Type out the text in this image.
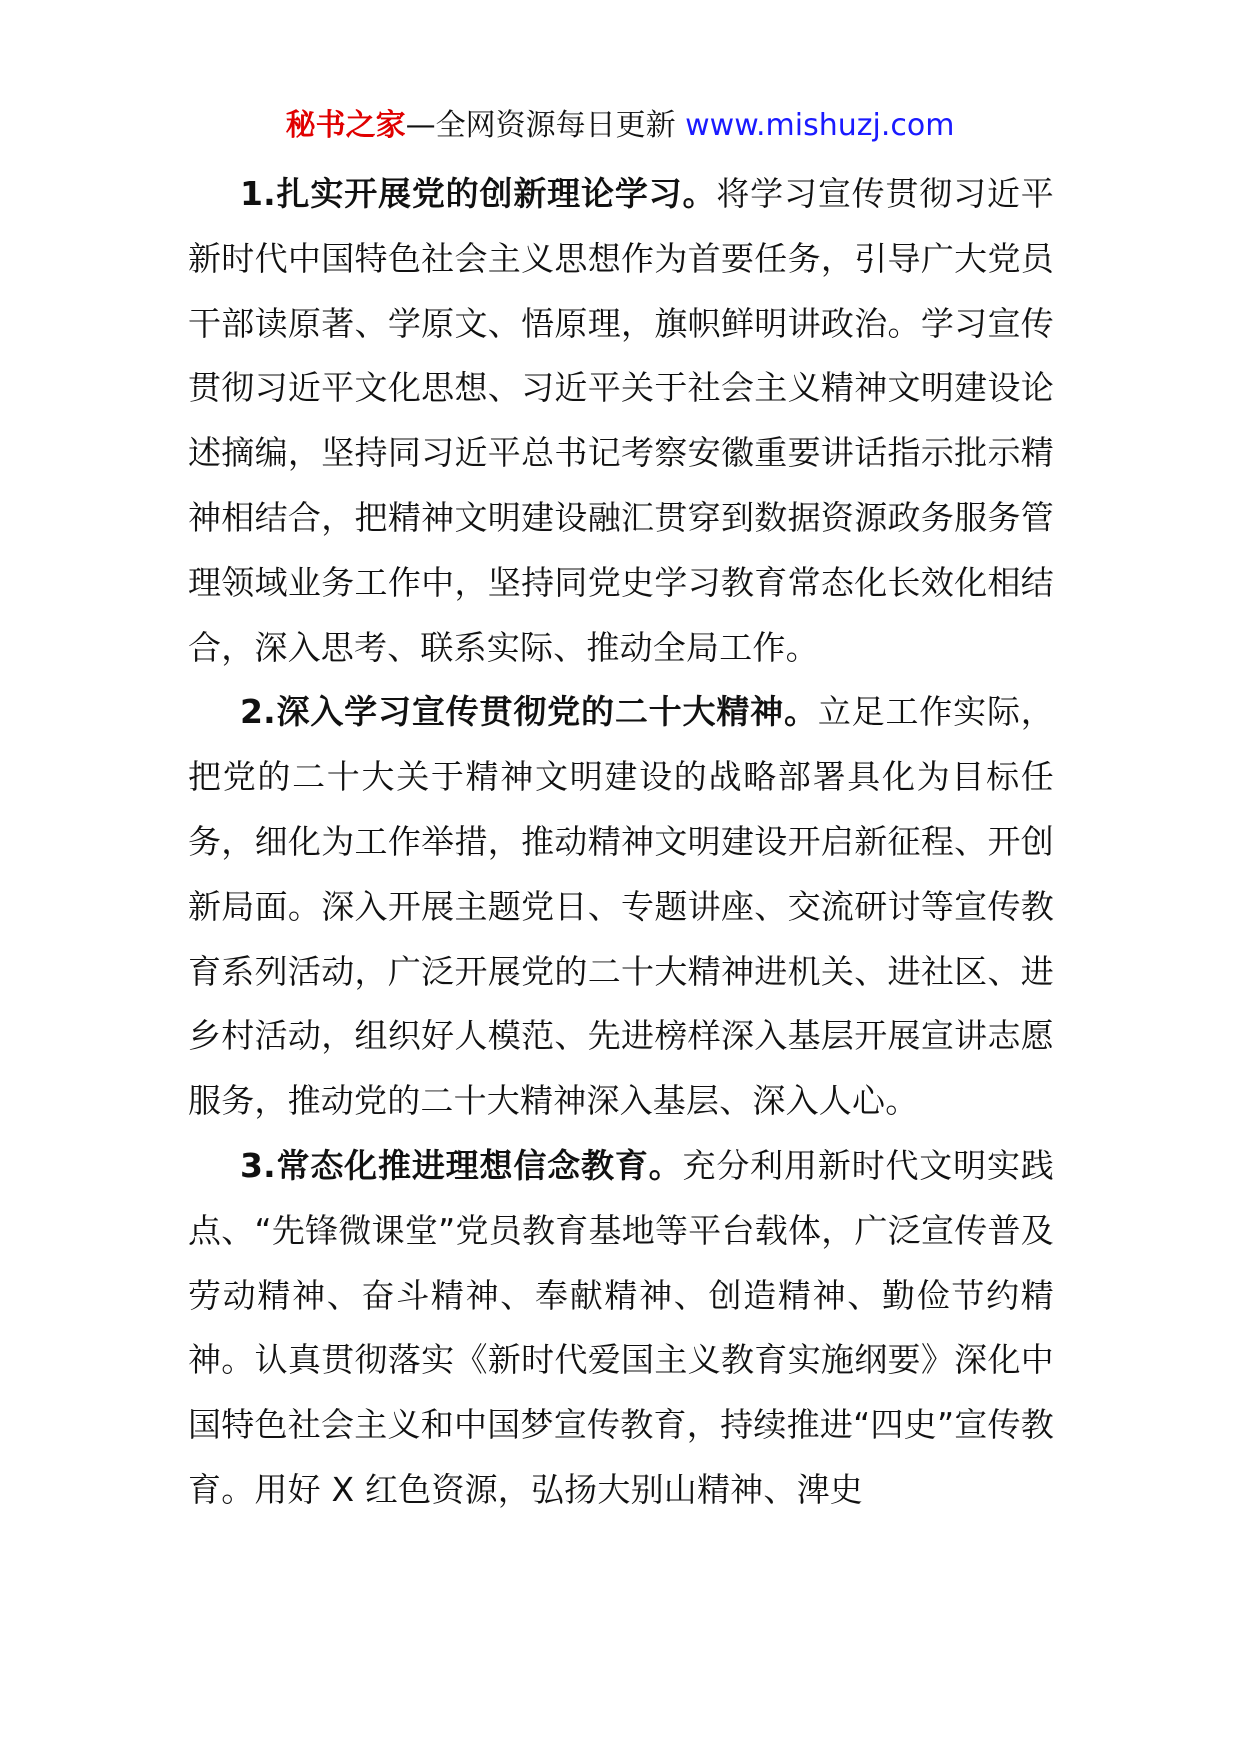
秘书之家—全网资源每日更新 www.mishuzj.com

1.扎实开展党的创新理论学习。将学习宣传贯彻习近平新时代中国特色社会主义思想作为首要任务，引导广大党员干部读原著、学原文、悟原理，旗帜鲜明讲政治。学习宣传贯彻习近平文化思想、习近平关于社会主义精神文明建设论述摘编，坚持同习近平总书记考察安徽重要讲话指示批示精神相结合，把精神文明建设融汇贯穿到数据资源政务服务管理领域业务工作中，坚持同党史学习教育常态化长效化相结合，深入思考、联系实际、推动全局工作。

2.深入学习宣传贯彻党的二十大精神。立足工作实际，把党的二十大关于精神文明建设的战略部署具化为目标任务，细化为工作举措，推动精神文明建设开启新征程、开创新局面。深入开展主题党日、专题讲座、交流研讨等宣传教育系列活动，广泛开展党的二十大精神进机关、进社区、进乡村活动，组织好人模范、先进榜样深入基层开展宣讲志愿服务，推动党的二十大精神深入基层、深入人心。

3.常态化推进理想信念教育。充分利用新时代文明实践点、“先锋微课堂”党员教育基地等平台载体，广泛宣传普及劳动精神、奋斗精神、奉献精神、创造精神、勤俭节约精神。认真贯彻落实《新时代爱国主义教育实施纲要》深化中国特色社会主义和中国梦宣传教育，持续推进“四史”宣传教育。用好 X 红色资源，弘扬大别山精神、渒史
